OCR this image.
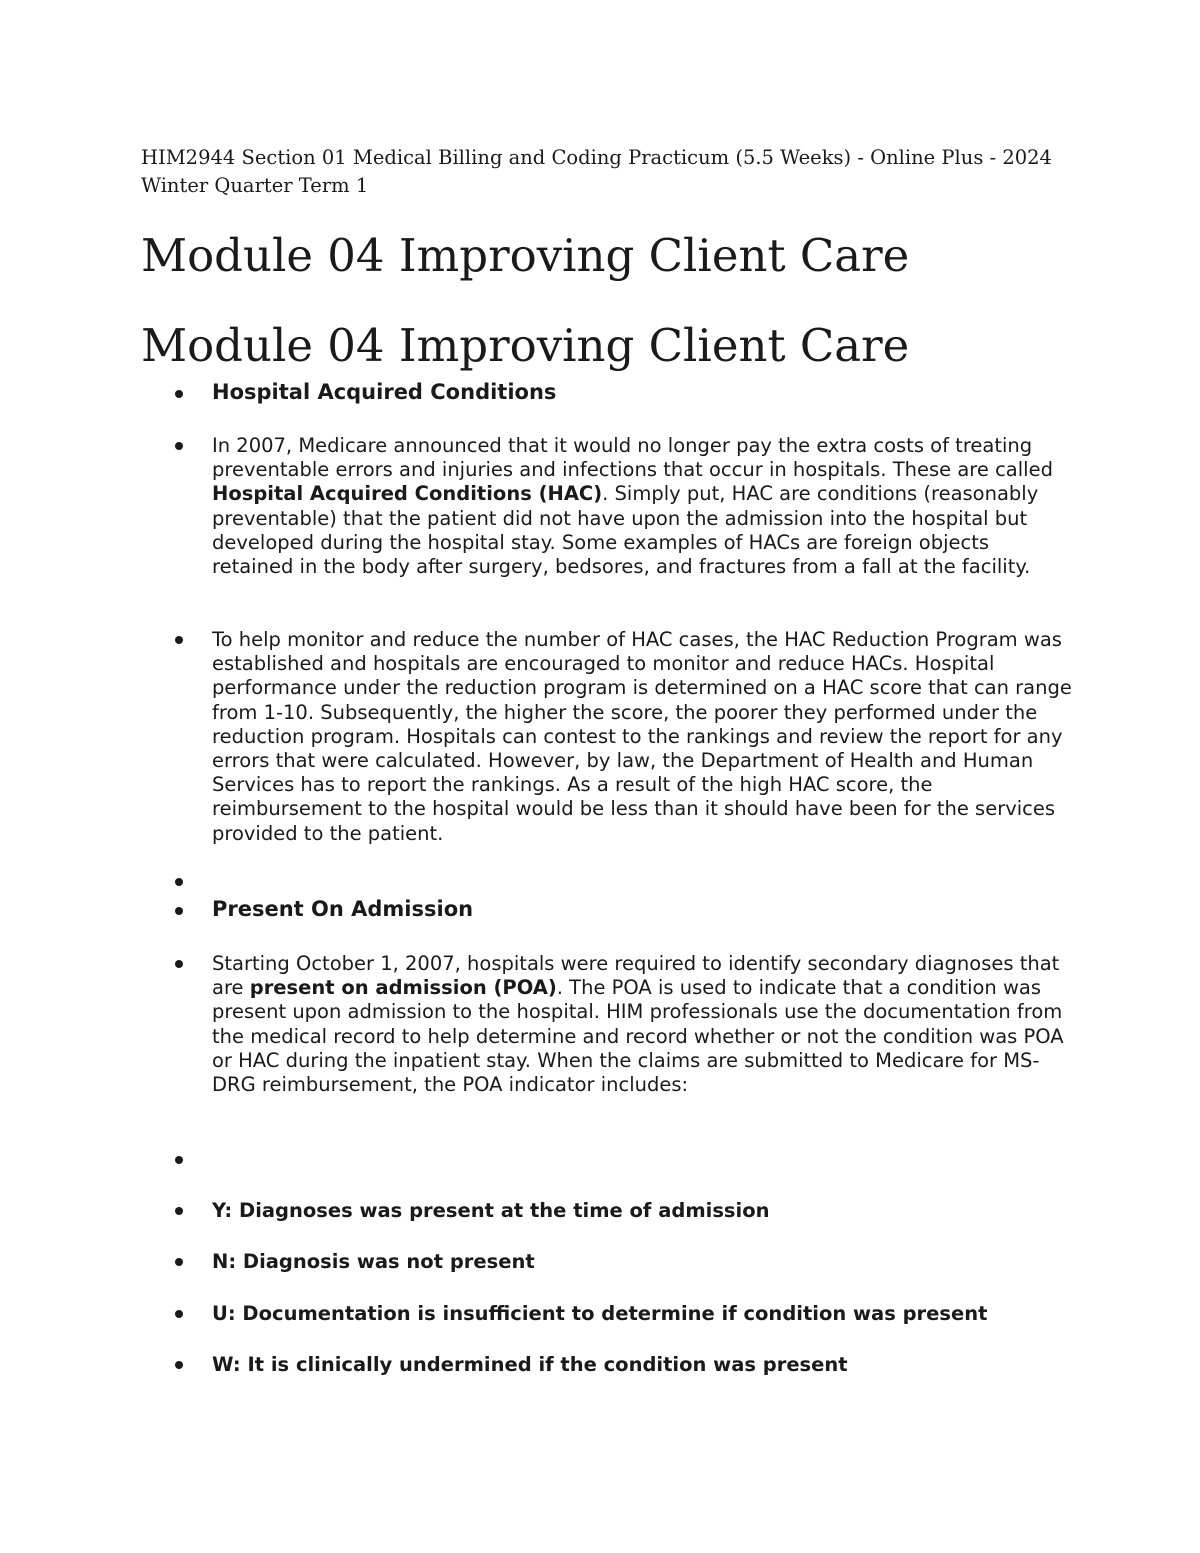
HIM2944 Section 01 Medical Billing and Coding Practicum (5.5 Weeks) - Online Plus - 2024 Winter Quarter Term 1
Module 04 Improving Client Care
Module 04 Improving Client Care
Hospital Acquired Conditions
In 2007, Medicare announced that it would no longer pay the extra costs of treating preventable errors and injuries and infections that occur in hospitals. These are called Hospital Acquired Conditions (HAC). Simply put, HAC are conditions (reasonably preventable) that the patient did not have upon the admission into the hospital but developed during the hospital stay. Some examples of HACs are foreign objects retained in the body after surgery, bedsores, and fractures from a fall at the facility.
To help monitor and reduce the number of HAC cases, the HAC Reduction Program was established and hospitals are encouraged to monitor and reduce HACs. Hospital performance under the reduction program is determined on a HAC score that can range from 1-10. Subsequently, the higher the score, the poorer they performed under the reduction program. Hospitals can contest to the rankings and review the report for any errors that were calculated. However, by law, the Department of Health and Human Services has to report the rankings. As a result of the high HAC score, the reimbursement to the hospital would be less than it should have been for the services provided to the patient.
Present On Admission
Starting October 1, 2007, hospitals were required to identify secondary diagnoses that are present on admission (POA). The POA is used to indicate that a condition was present upon admission to the hospital. HIM professionals use the documentation from the medical record to help determine and record whether or not the condition was POA or HAC during the inpatient stay. When the claims are submitted to Medicare for MS-DRG reimbursement, the POA indicator includes:
Y: Diagnoses was present at the time of admission
N: Diagnosis was not present
U: Documentation is insufficient to determine if condition was present
W: It is clinically undermined if the condition was present
